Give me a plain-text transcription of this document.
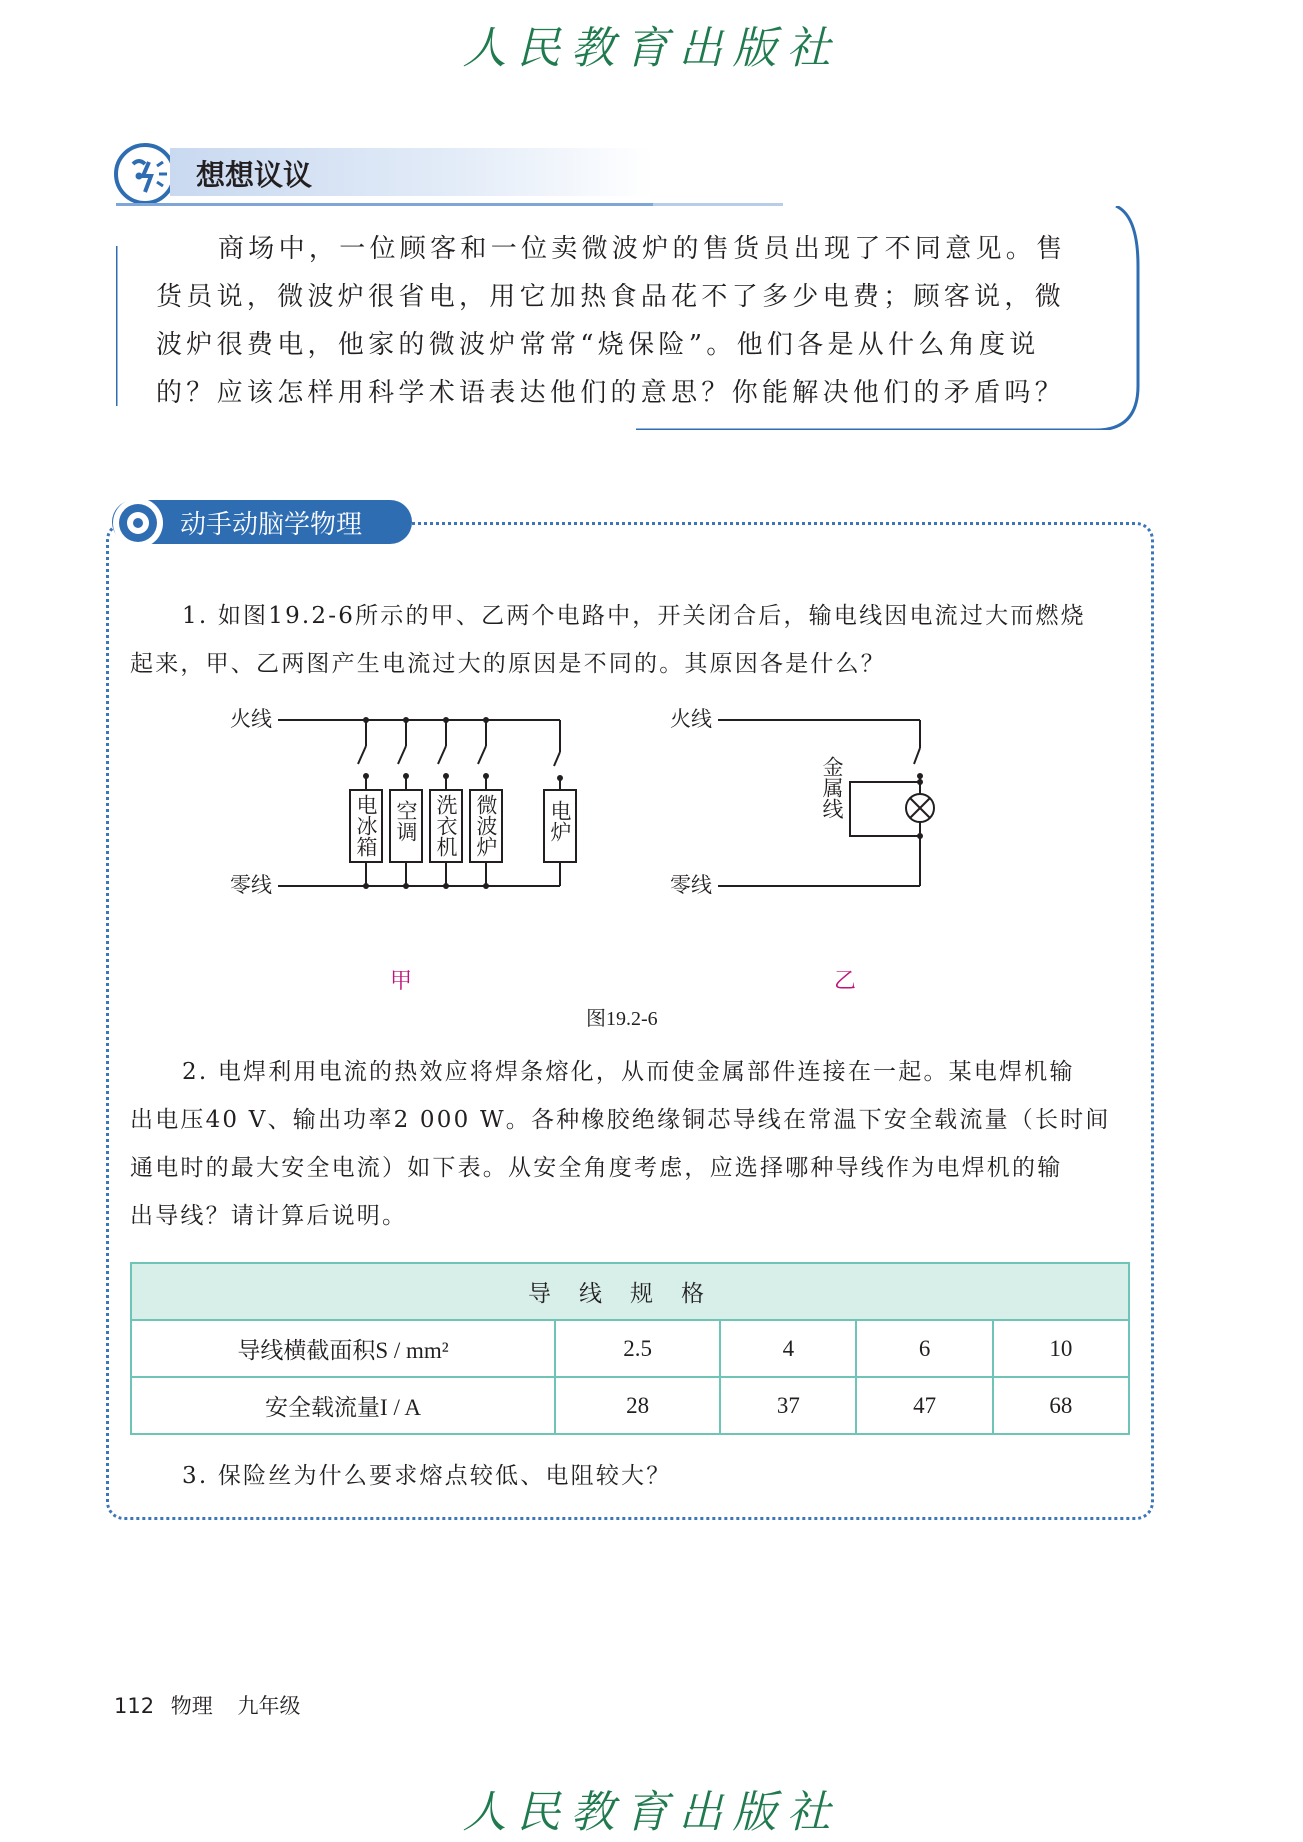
人民教育出版社
想想议议
商场中，一位顾客和一位卖微波炉的售货员出现了不同意见。售
货员说，微波炉很省电，用它加热食品花不了多少电费；顾客说，微
波炉很费电，他家的微波炉常常“烧保险”。他们各是从什么角度说
的？应该怎样用科学术语表达他们的意思？你能解决他们的矛盾吗？
动手动脑学物理
1. 如图19.2-6所示的甲、乙两个电路中，开关闭合后，输电线因电流过大而燃烧
起来，甲、乙两图产生电流过大的原因是不同的。其原因各是什么？
火线
零线
电冰箱 空调 洗衣机 微波炉 电炉
火线
金属线
零线
甲	乙
图19.2-6
2. 电焊利用电流的热效应将焊条熔化，从而使金属部件连接在一起。某电焊机输
出电压40 V、输出功率2 000 W。各种橡胶绝缘铜芯导线在常温下安全载流量（长时间
通电时的最大安全电流）如下表。从安全角度考虑，应选择哪种导线作为电焊机的输
出导线？请计算后说明。
导线规格				
导线横截面积S / mm²	2.5	4	6	10
安全载流量I / A	28	37	47	68
3. 保险丝为什么要求熔点较低、电阻较大？
112 物理 九年级
人民教育出版社
